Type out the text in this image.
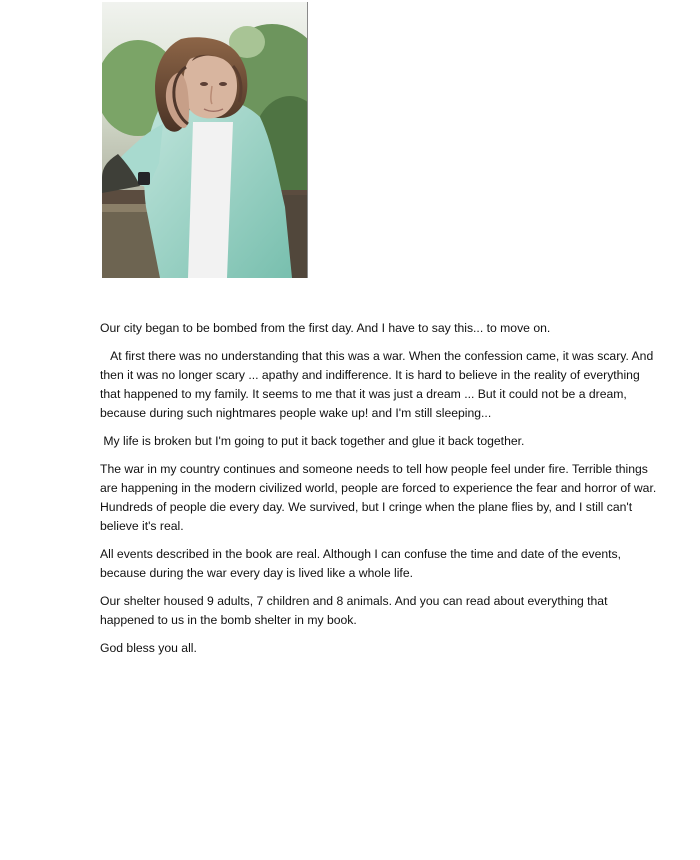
Our city began to be bombed from the first day. And I have to say this... to move on.

At first there was no understanding that this was a war. When the confession came, it was scary. And then it was no longer scary ... apathy and indifference. It is hard to believe in the reality of everything that happened to my family. It seems to me that it was just a dream ... But it could not be a dream, because during such nightmares people wake up! and I'm still sleeping...

My life is broken but I'm going to put it back together and glue it back together.

The war in my country continues and someone needs to tell how people feel under fire. Terrible things are happening in the modern civilized world, people are forced to experience the fear and horror of war. Hundreds of people die every day. We survived, but I cringe when the plane flies by, and I still can't believe it's real.

All events described in the book are real. Although I can confuse the time and date of the events, because during the war every day is lived like a whole life.

Our shelter housed 9 adults, 7 children and 8 animals. And you can read about everything that happened to us in the bomb shelter in my book.

God bless you all.
